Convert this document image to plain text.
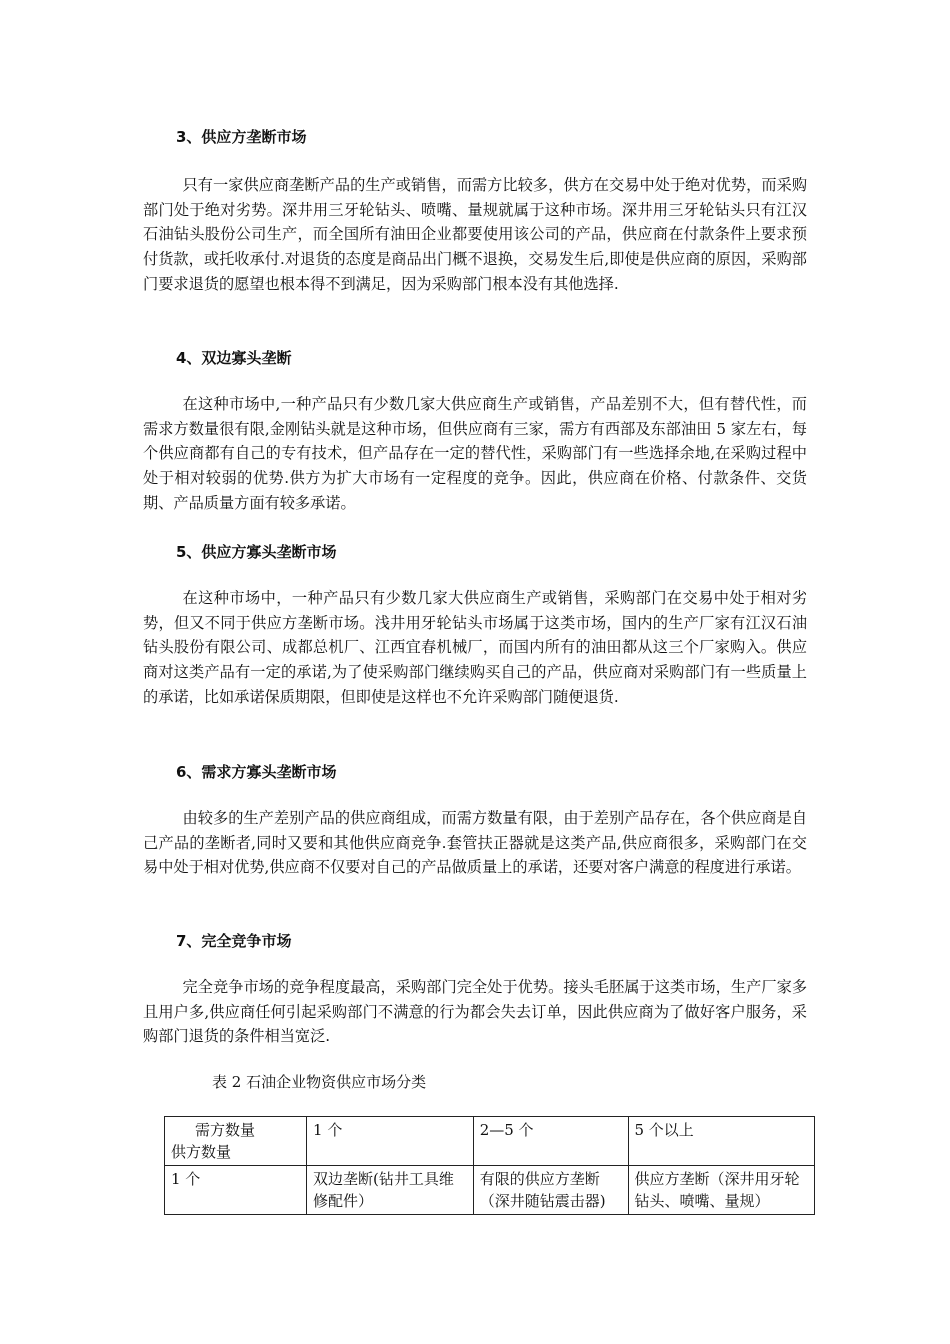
3、供应方垄断市场

只有一家供应商垄断产品的生产或销售，而需方比较多，供方在交易中处于绝对优势，而采购部门处于绝对劣势。深井用三牙轮钻头、喷嘴、量规就属于这种市场。深井用三牙轮钻头只有江汉石油钻头股份公司生产，而全国所有油田企业都要使用该公司的产品，供应商在付款条件上要求预付货款，或托收承付.对退货的态度是商品出门概不退换，交易发生后,即使是供应商的原因，采购部门要求退货的愿望也根本得不到满足，因为采购部门根本没有其他选择.

4、双边寡头垄断

在这种市场中,一种产品只有少数几家大供应商生产或销售，产品差别不大，但有替代性，而需求方数量很有限,金刚钻头就是这种市场，但供应商有三家，需方有西部及东部油田 5 家左右，每个供应商都有自己的专有技术，但产品存在一定的替代性，采购部门有一些选择余地,在采购过程中处于相对较弱的优势.供方为扩大市场有一定程度的竞争。因此，供应商在价格、付款条件、交货期、产品质量方面有较多承诺。

5、供应方寡头垄断市场

在这种市场中，一种产品只有少数几家大供应商生产或销售，采购部门在交易中处于相对劣势，但又不同于供应方垄断市场。浅井用牙轮钻头市场属于这类市场，国内的生产厂家有江汉石油钻头股份有限公司、成都总机厂、江西宜春机械厂，而国内所有的油田都从这三个厂家购入。供应商对这类产品有一定的承诺,为了使采购部门继续购买自己的产品，供应商对采购部门有一些质量上的承诺，比如承诺保质期限，但即使是这样也不允许采购部门随便退货.

6、需求方寡头垄断市场

由较多的生产差别产品的供应商组成，而需方数量有限，由于差别产品存在，各个供应商是自己产品的垄断者,同时又要和其他供应商竞争.套管扶正器就是这类产品,供应商很多，采购部门在交易中处于相对优势,供应商不仅要对自己的产品做质量上的承诺，还要对客户满意的程度进行承诺。

7、完全竞争市场

完全竞争市场的竞争程度最高，采购部门完全处于优势。接头毛胚属于这类市场，生产厂家多且用户多,供应商任何引起采购部门不满意的行为都会失去订单，因此供应商为了做好客户服务，采购部门退货的条件相当宽泛.

表 2 石油企业物资供应市场分类
需方数量
供方数量	1 个	2—5 个	5 个以上
1 个	双边垄断(钻井工具维修配件）	有限的供应方垄断（深井随钻震击器)	供应方垄断（深井用牙轮钻头、喷嘴、量规）
